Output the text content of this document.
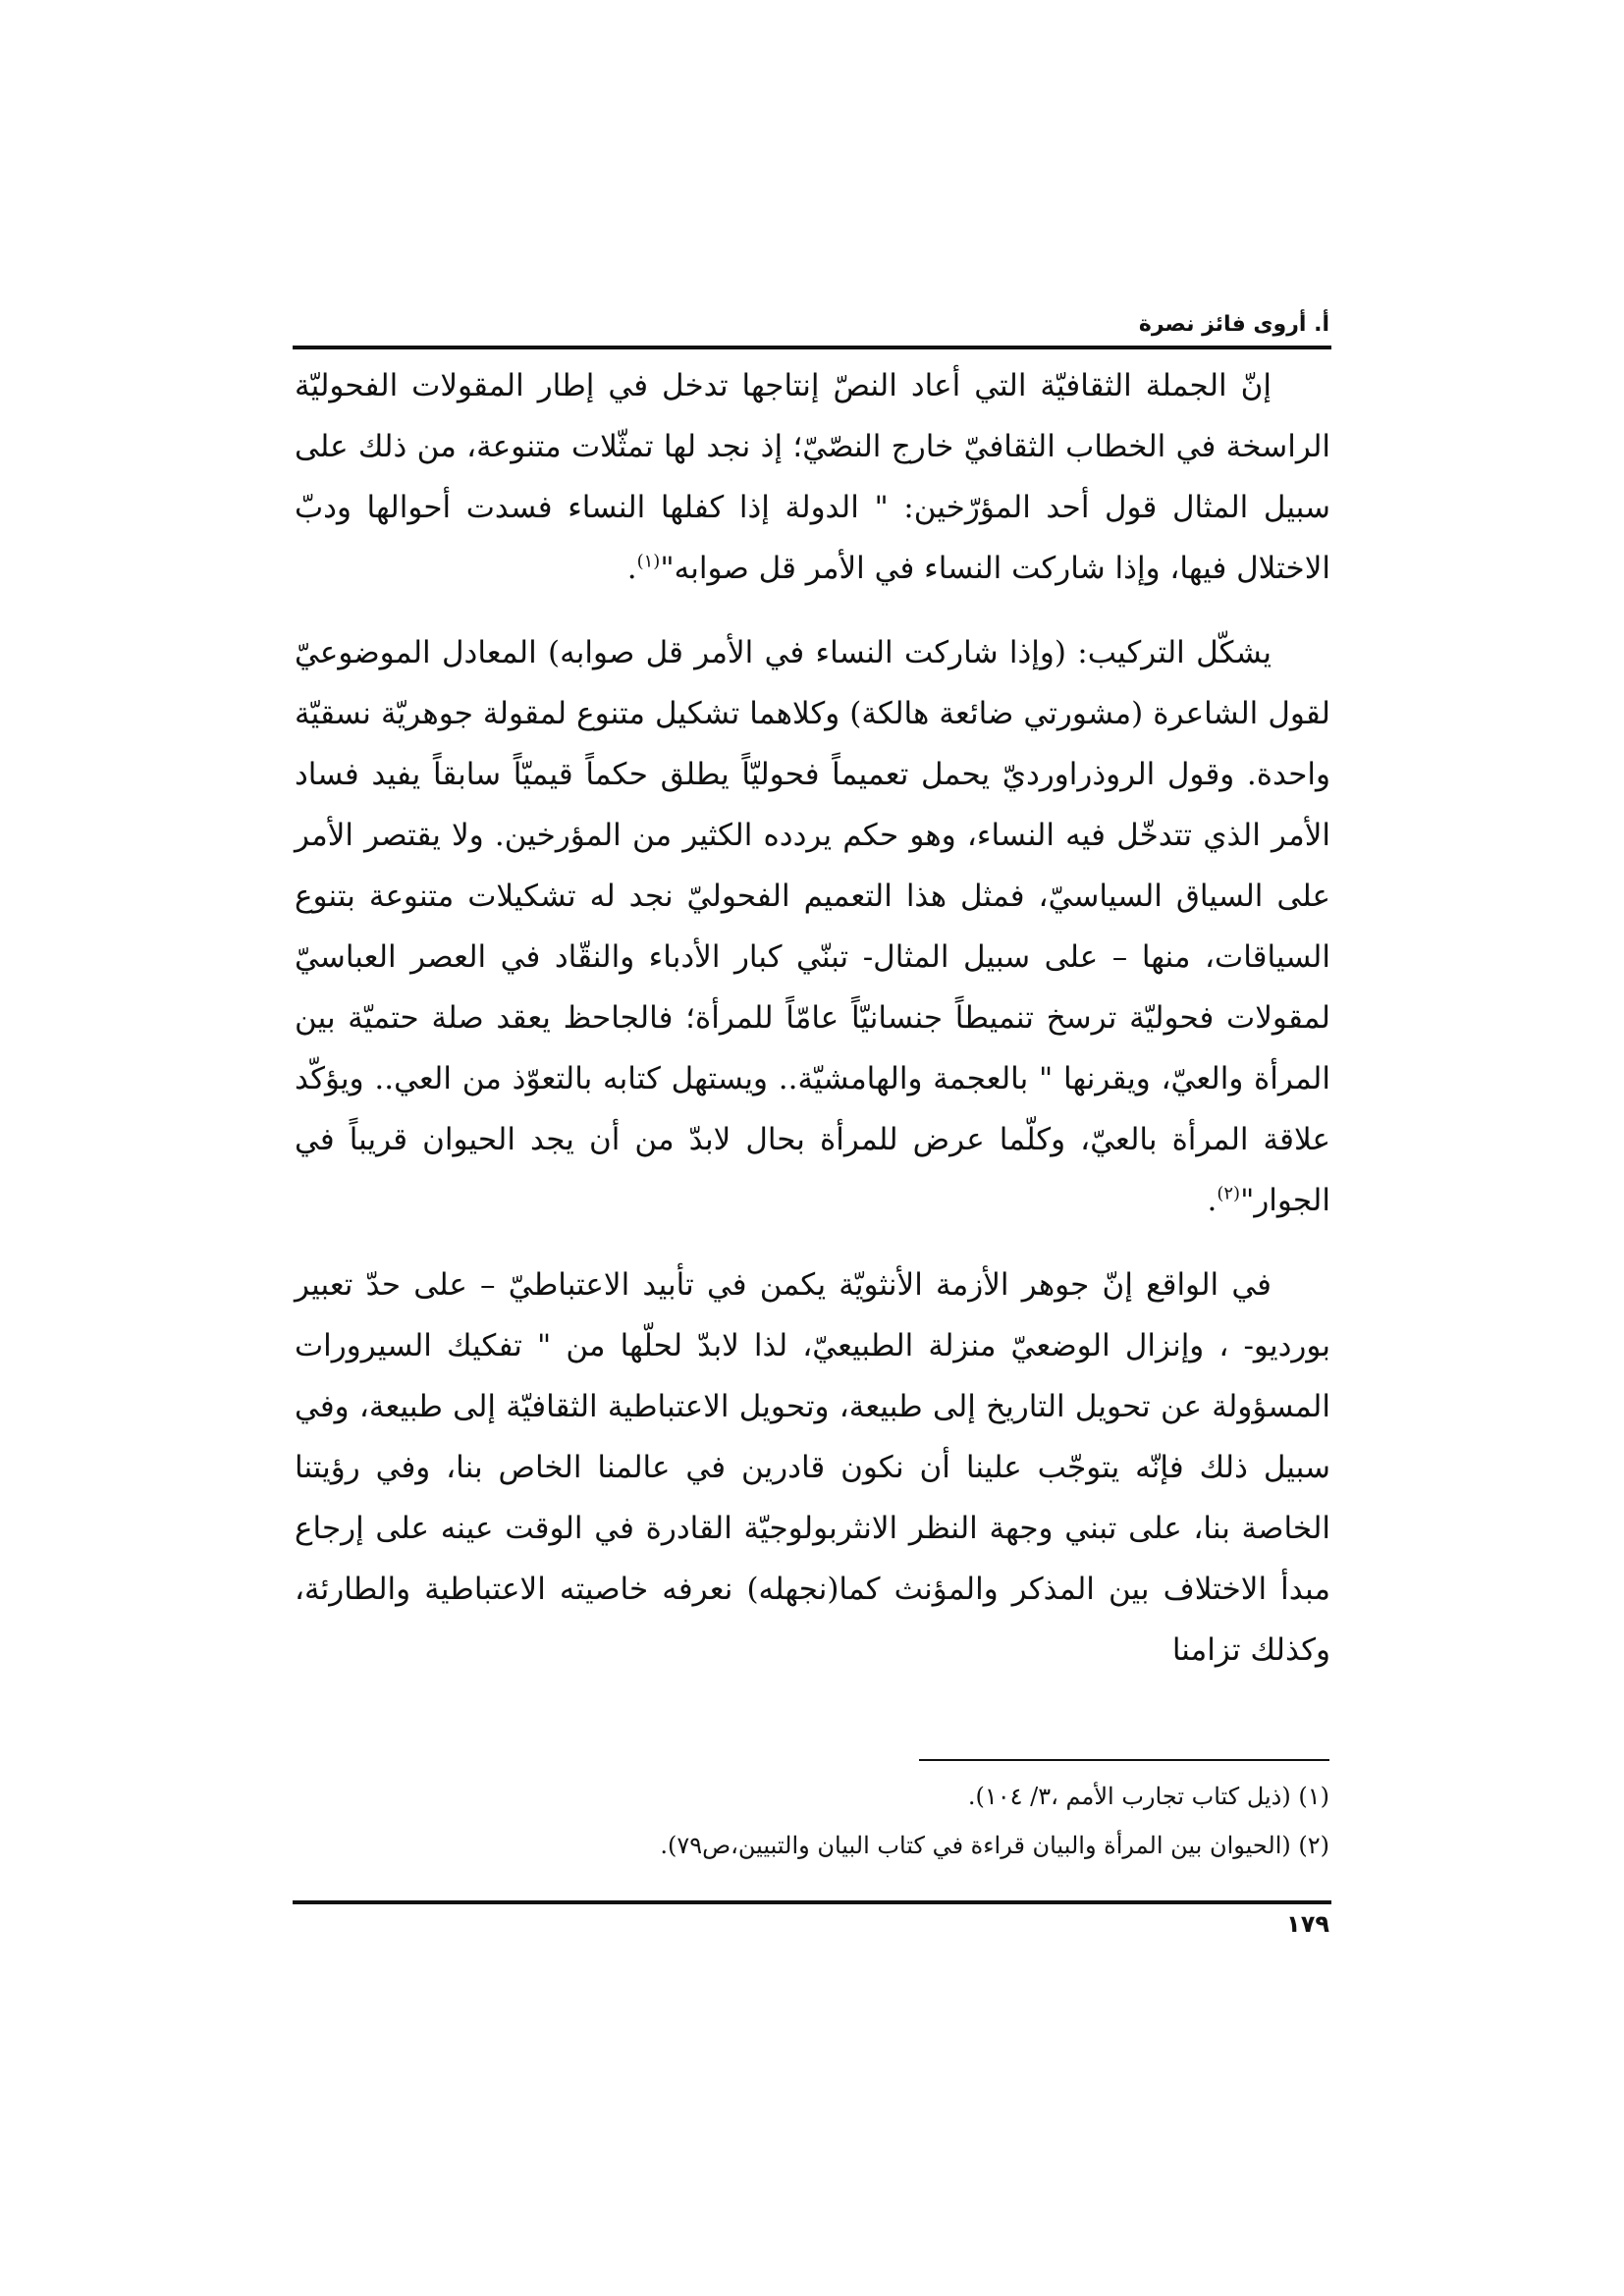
أ. أروى فائز نصرة

إنّ الجملة الثقافيّة التي أعاد النصّ إنتاجها تدخل في إطار المقولات الفحوليّة الراسخة في الخطاب الثقافيّ خارج النصّيّ؛ إذ نجد لها تمثّلات متنوعة، من ذلك على سبيل المثال قول أحد المؤرّخين: " الدولة إذا كفلها النساء فسدت أحوالها ودبّ الاختلال فيها، وإذا شاركت النساء في الأمر قل صوابه"$^{(١)}$.

يشكّل التركيب: (وإذا شاركت النساء في الأمر قل صوابه) المعادل الموضوعيّ لقول الشاعرة (مشورتي ضائعة هالكة) وكلاهما تشكيل متنوع لمقولة جوهريّة نسقيّة واحدة. وقول الروذراورديّ يحمل تعميماً فحوليّاً يطلق حكماً قيميّاً سابقاً يفيد فساد الأمر الذي تتدخّل فيه النساء، وهو حكم يردده الكثير من المؤرخين. ولا يقتصر الأمر على السياق السياسيّ، فمثل هذا التعميم الفحوليّ نجد له تشكيلات متنوعة بتنوع السياقات، منها – على سبيل المثال- تبنّي كبار الأدباء والنقّاد في العصر العباسيّ لمقولات فحوليّة ترسخ تنميطاً جنسانيّاً عامّاً للمرأة؛ فالجاحظ يعقد صلة حتميّة بين المرأة والعيّ، ويقرنها " بالعجمة والهامشيّة.. ويستهل كتابه بالتعوّذ من العي.. ويؤكّد علاقة المرأة بالعيّ، وكلّما عرض للمرأة بحال لابدّ من أن يجد الحيوان قريباً في الجوار"$^{(٢)}$.

في الواقع إنّ جوهر الأزمة الأنثويّة يكمن في تأبيد الاعتباطيّ – على حدّ تعبير بورديو- ، وإنزال الوضعيّ منزلة الطبيعيّ، لذا لابدّ لحلّها من " تفكيك السيرورات المسؤولة عن تحويل التاريخ إلى طبيعة، وتحويل الاعتباطية الثقافيّة إلى طبيعة، وفي سبيل ذلك فإنّه يتوجّب علينا أن نكون قادرين في عالمنا الخاص بنا، وفي رؤيتنا الخاصة بنا، على تبني وجهة النظر الانثربولوجيّة القادرة في الوقت عينه على إرجاع مبدأ الاختلاف بين المذكر والمؤنث كما(نجهله) نعرفه خاصيته الاعتباطية والطارئة، وكذلك تزامنا

(١) (ذيل كتاب تجارب الأمم ،٣/ ١٠٤).
(٢) (الحيوان بين المرأة والبيان قراءة في كتاب البيان والتبيين،ص٧٩).
١٧٩
